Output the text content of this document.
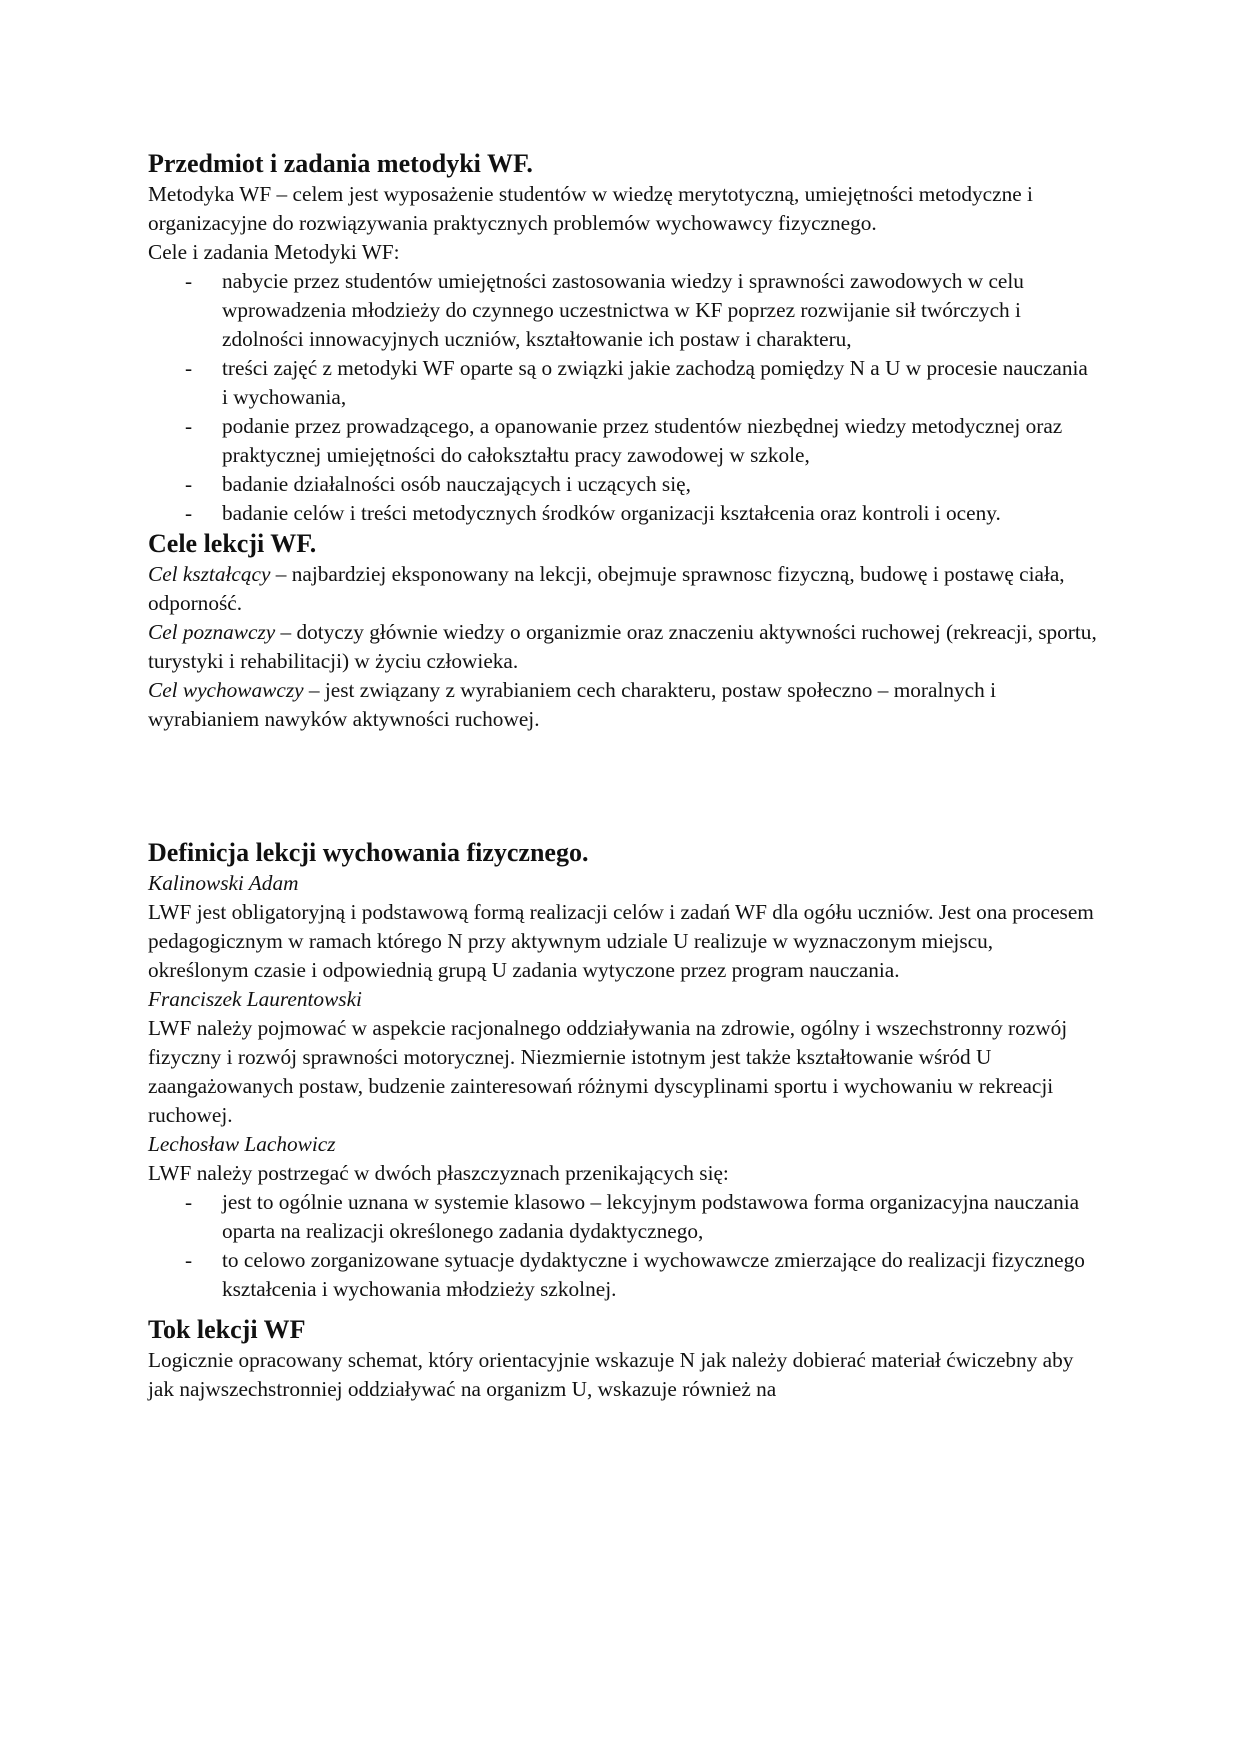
Przedmiot i zadania metodyki WF.

Metodyka WF – celem jest wyposażenie studentów w wiedzę merytotyczną, umiejętności metodyczne i organizacyjne do rozwiązywania praktycznych problemów wychowawcy fizycznego.

Cele i zadania Metodyki WF:

- nabycie przez studentów umiejętności zastosowania wiedzy i sprawności zawodowych w celu wprowadzenia młodzieży do czynnego uczestnictwa w KF poprzez rozwijanie sił twórczych i zdolności innowacyjnych uczniów, kształtowanie ich postaw i charakteru,
- treści zajęć z metodyki WF oparte są o związki jakie zachodzą pomiędzy N a U w procesie nauczania i wychowania,
- podanie przez prowadzącego, a opanowanie przez studentów niezbędnej wiedzy metodycznej oraz praktycznej umiejętności do całokształtu pracy zawodowej w szkole,
- badanie działalności osób nauczających i uczących się,
- badanie celów i treści metodycznych środków organizacji kształcenia oraz kontroli i oceny.
Cele lekcji WF.

Cel kształcący – najbardziej eksponowany na lekcji, obejmuje sprawnosc fizyczną, budowę i postawę ciała, odporność.

Cel poznawczy – dotyczy głównie wiedzy o organizmie oraz znaczeniu aktywności ruchowej (rekreacji, sportu, turystyki i rehabilitacji) w życiu człowieka.

Cel wychowawczy – jest związany z wyrabianiem cech charakteru, postaw społeczno – moralnych i wyrabianiem nawyków aktywności ruchowej.

Definicja lekcji wychowania fizycznego.

Kalinowski Adam

LWF jest obligatoryjną i podstawową formą realizacji celów i zadań WF dla ogółu uczniów. Jest ona procesem pedagogicznym w ramach którego N przy aktywnym udziale U realizuje w wyznaczonym miejscu, określonym czasie i odpowiednią grupą U zadania wytyczone przez program nauczania.

Franciszek Laurentowski

LWF należy pojmować w aspekcie racjonalnego oddziaływania na zdrowie, ogólny i wszechstronny rozwój fizyczny i rozwój sprawności motorycznej. Niezmiernie istotnym jest także kształtowanie wśród U zaangażowanych postaw, budzenie zainteresowań różnymi dyscyplinami sportu i wychowaniu w rekreacji ruchowej.

Lechosław Lachowicz

LWF należy postrzegać w dwóch płaszczyznach przenikających się:

- jest to ogólnie uznana w systemie klasowo – lekcyjnym podstawowa forma organizacyjna nauczania oparta na realizacji określonego zadania dydaktycznego,
- to celowo zorganizowane sytuacje dydaktyczne i wychowawcze zmierzające do realizacji fizycznego kształcenia i wychowania młodzieży szkolnej.
Tok lekcji WF

Logicznie opracowany schemat, który orientacyjnie wskazuje N jak należy dobierać materiał ćwiczebny aby jak najwszechstronniej oddziaływać na organizm U, wskazuje również na
